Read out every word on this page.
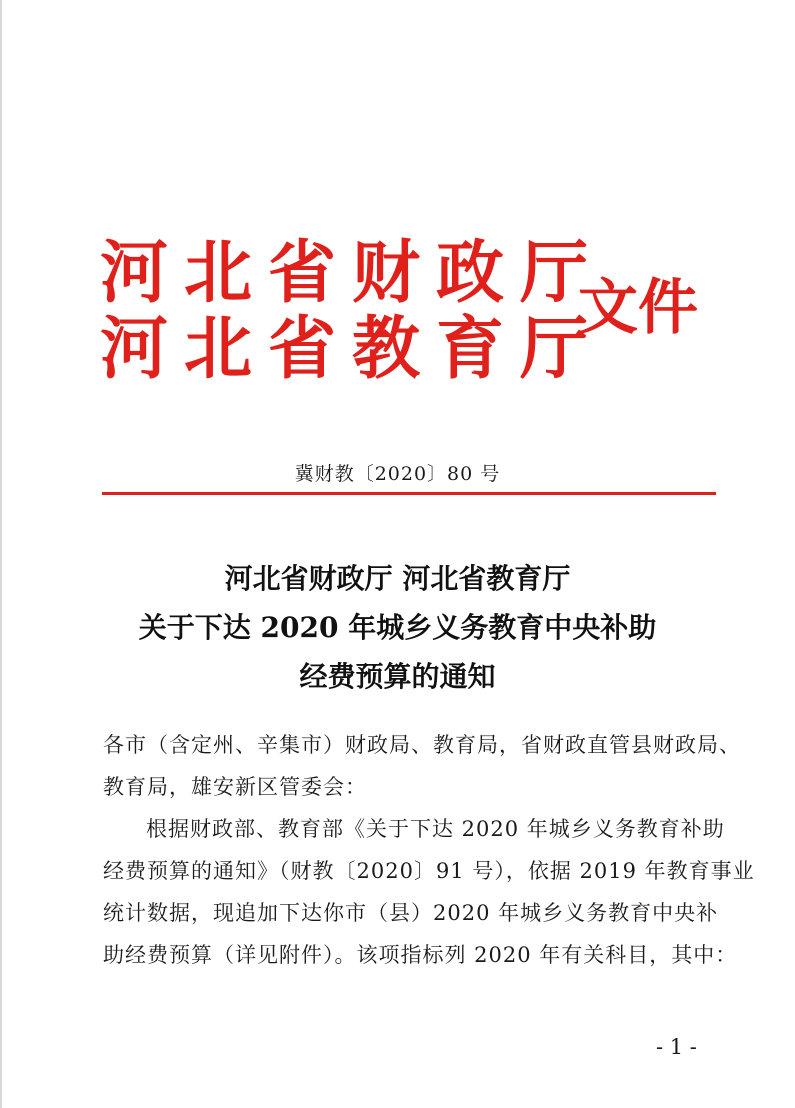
河北省财政厅
河北省教育厅
文件
冀财教〔2020〕80 号
河北省财政厅 河北省教育厅
关于下达 2020 年城乡义务教育中央补助
经费预算的通知
各市（含定州、辛集市）财政局、教育局，省财政直管县财政局、
教育局，雄安新区管委会：
根据财政部、教育部《关于下达 2020 年城乡义务教育补助
经费预算的通知》（财教〔2020〕91 号），依据 2019 年教育事业
统计数据，现追加下达你市（县）2020 年城乡义务教育中央补
助经费预算（详见附件）。该项指标列 2020 年有关科目，其中：
- 1 -
